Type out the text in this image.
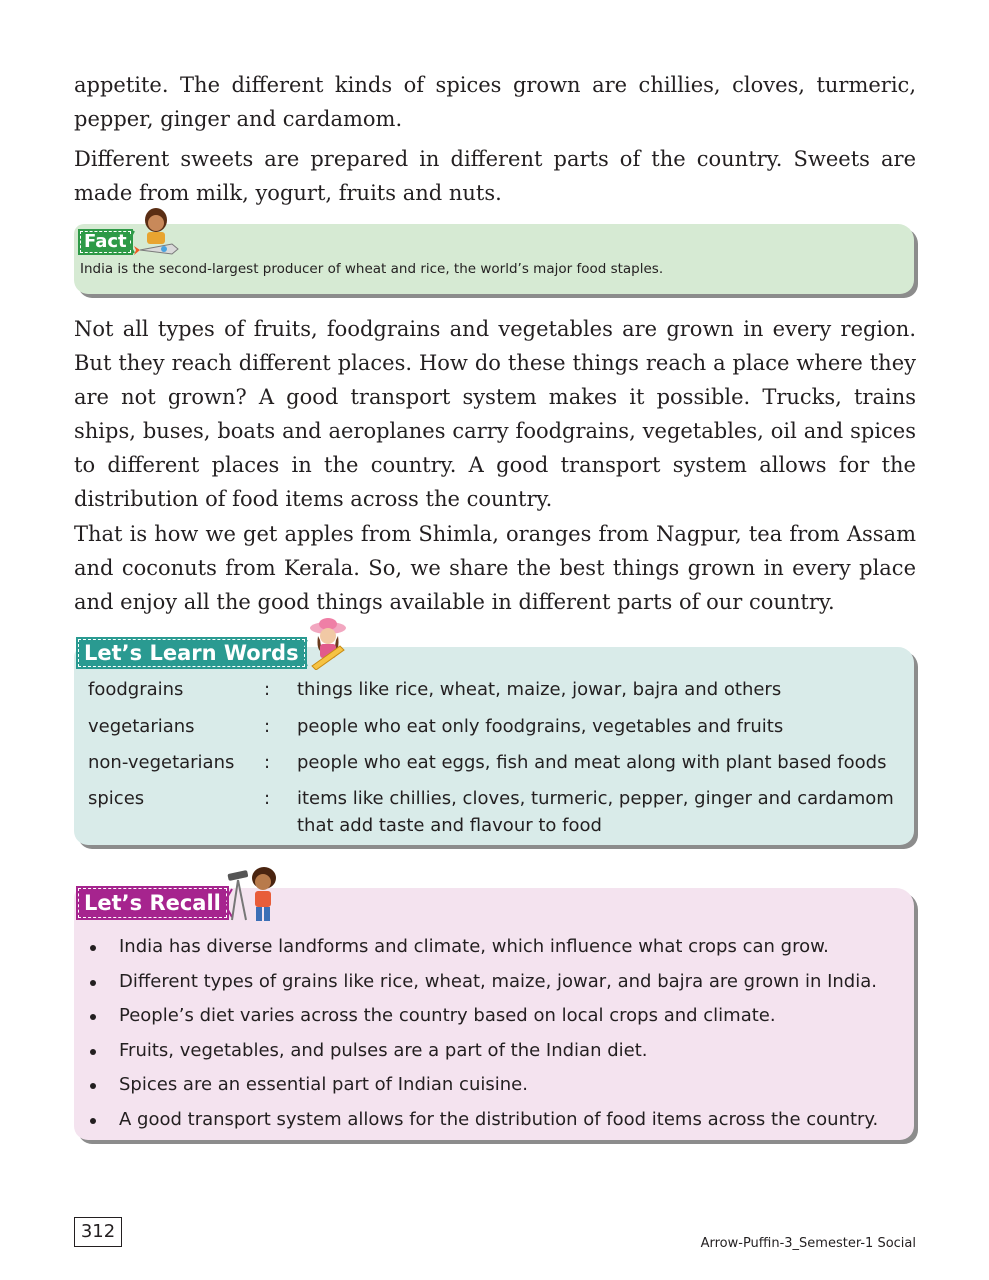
appetite. The different kinds of spices grown are chillies, cloves, turmeric, pepper, ginger and cardamom.

Different sweets are prepared in different parts of the country. Sweets are made from milk, yogurt, fruits and nuts.

Fact
India is the second-largest producer of wheat and rice, the world’s major food staples.

Not all types of fruits, foodgrains and vegetables are grown in every region. But they reach different places. How do these things reach a place where they are not grown? A good transport system makes it possible. Trucks, trains ships, buses, boats and aeroplanes carry foodgrains, vegetables, oil and spices to different places in the country. A good transport system allows for the distribution of food items across the country.

That is how we get apples from Shimla, oranges from Nagpur, tea from Assam and coconuts from Kerala. So, we share the best things grown in every place and enjoy all the good things available in different parts of our country.

Let’s Learn Words
foodgrains	: things like rice, wheat, maize, jowar, bajra and others
vegetarians	: people who eat only foodgrains, vegetables and fruits
non-vegetarians : people who eat eggs, fish and meat along with plant based foods
spices	: items like chillies, cloves, turmeric, pepper, ginger and cardamom that add taste and flavour to food
Let’s Recall
India has diverse landforms and climate, which influence what crops can grow.
Different types of grains like rice, wheat, maize, jowar, and bajra are grown in India.
People’s diet varies across the country based on local crops and climate.
Fruits, vegetables, and pulses are a part of the Indian diet.
Spices are an essential part of Indian cuisine.
A good transport system allows for the distribution of food items across the country.
312
Arrow-Puffin-3_Semester-1 Social
